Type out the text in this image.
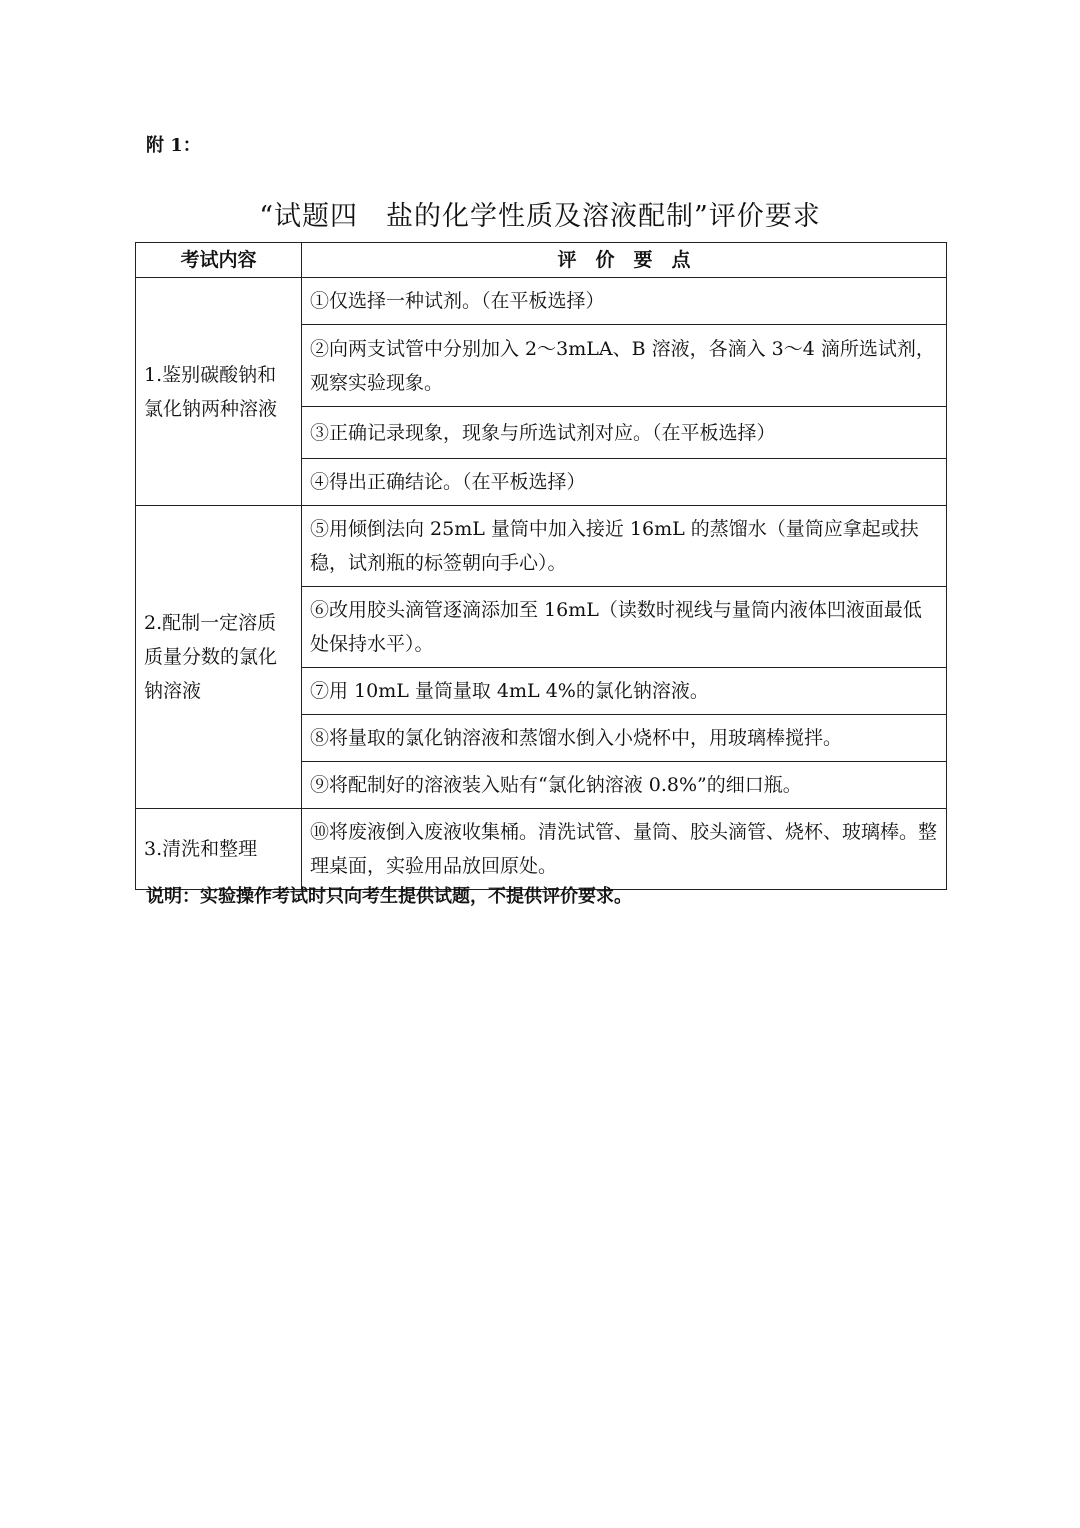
附 1：

“试题四　盐的化学性质及溶液配制”评价要求
考试内容	评　价　要　点
1.鉴别碳酸钠和氯化钠两种溶液	①仅选择一种试剂。（在平板选择）
	②向两支试管中分别加入 2～3mLA、B 溶液，各滴入 3～4 滴所选试剂，观察实验现象。
	③正确记录现象，现象与所选试剂对应。（在平板选择）
	④得出正确结论。（在平板选择）
2.配制一定溶质质量分数的氯化钠溶液	⑤用倾倒法向 25mL 量筒中加入接近 16mL 的蒸馏水（量筒应拿起或扶稳，试剂瓶的标签朝向手心）。
	⑥改用胶头滴管逐滴添加至 16mL（读数时视线与量筒内液体凹液面最低处保持水平）。
	⑦用 10mL 量筒量取 4mL 4%的氯化钠溶液。
	⑧将量取的氯化钠溶液和蒸馏水倒入小烧杯中，用玻璃棒搅拌。
	⑨将配制好的溶液装入贴有“氯化钠溶液 0.8%”的细口瓶。
3.清洗和整理	⑩将废液倒入废液收集桶。清洗试管、量筒、胶头滴管、烧杯、玻璃棒。整理桌面，实验用品放回原处。

说明：实验操作考试时只向考生提供试题，不提供评价要求。
